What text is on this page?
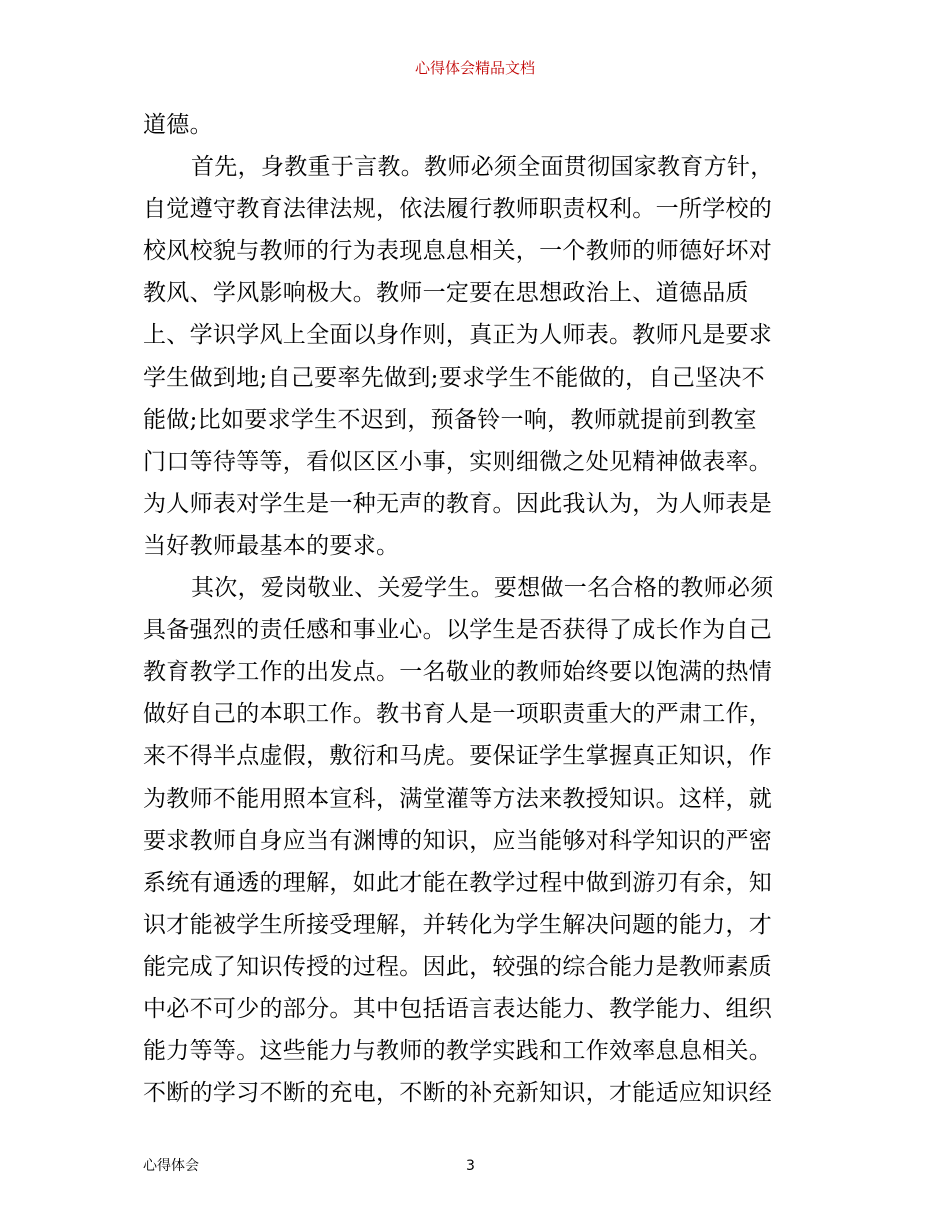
心得体会精品文档
道德。
首先，身教重于言教。教师必须全面贯彻国家教育方针，
自觉遵守教育法律法规，依法履行教师职责权利。一所学校的
校风校貌与教师的行为表现息息相关，一个教师的师德好坏对
教风、学风影响极大。教师一定要在思想政治上、道德品质
上、学识学风上全面以身作则，真正为人师表。教师凡是要求
学生做到地;自己要率先做到;要求学生不能做的，自己坚决不
能做;比如要求学生不迟到，预备铃一响，教师就提前到教室
门口等待等等，看似区区小事，实则细微之处见精神做表率。
为人师表对学生是一种无声的教育。因此我认为，为人师表是
当好教师最基本的要求。
其次，爱岗敬业、关爱学生。要想做一名合格的教师必须
具备强烈的责任感和事业心。以学生是否获得了成长作为自己
教育教学工作的出发点。一名敬业的教师始终要以饱满的热情
做好自己的本职工作。教书育人是一项职责重大的严肃工作，
来不得半点虚假，敷衍和马虎。要保证学生掌握真正知识，作
为教师不能用照本宣科，满堂灌等方法来教授知识。这样，就
要求教师自身应当有渊博的知识，应当能够对科学知识的严密
系统有通透的理解，如此才能在教学过程中做到游刃有余，知
识才能被学生所接受理解，并转化为学生解决问题的能力，才
能完成了知识传授的过程。因此，较强的综合能力是教师素质
中必不可少的部分。其中包括语言表达能力、教学能力、组织
能力等等。这些能力与教师的教学实践和工作效率息息相关。
不断的学习不断的充电，不断的补充新知识，才能适应知识经
心得体会	3
